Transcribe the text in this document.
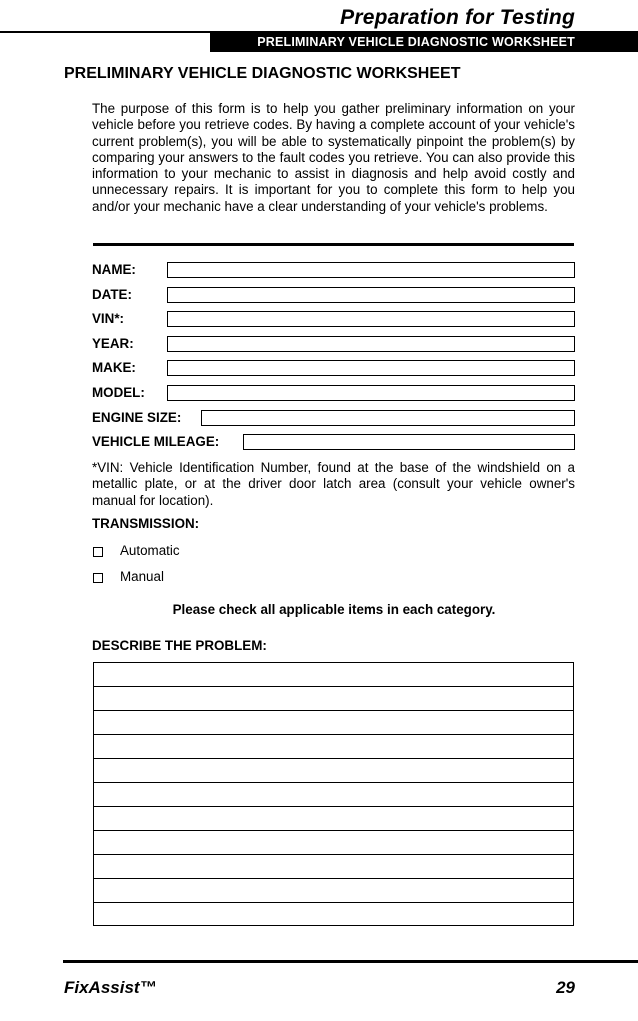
Preparation for Testing
PRELIMINARY VEHICLE DIAGNOSTIC WORKSHEET
PRELIMINARY VEHICLE DIAGNOSTIC WORKSHEET
The purpose of this form is to help you gather preliminary information on your vehicle before you retrieve codes. By having a complete account of your vehicle's current problem(s), you will be able to systematically pinpoint the problem(s) by comparing your answers to the fault codes you retrieve. You can also provide this information to your mechanic to assist in diagnosis and help avoid costly and unnecessary repairs. It is important for you to complete this form to help you and/or your mechanic have a clear understanding of your vehicle's problems.
NAME:
DATE:
VIN*:
YEAR:
MAKE:
MODEL:
ENGINE SIZE:
VEHICLE MILEAGE:
*VIN: Vehicle Identification Number, found at the base of the windshield on a metallic plate, or at the driver door latch area (consult your vehicle owner's manual for location).
TRANSMISSION:
Automatic
Manual
Please check all applicable items in each category.
DESCRIBE THE PROBLEM:
FixAssist™	29
